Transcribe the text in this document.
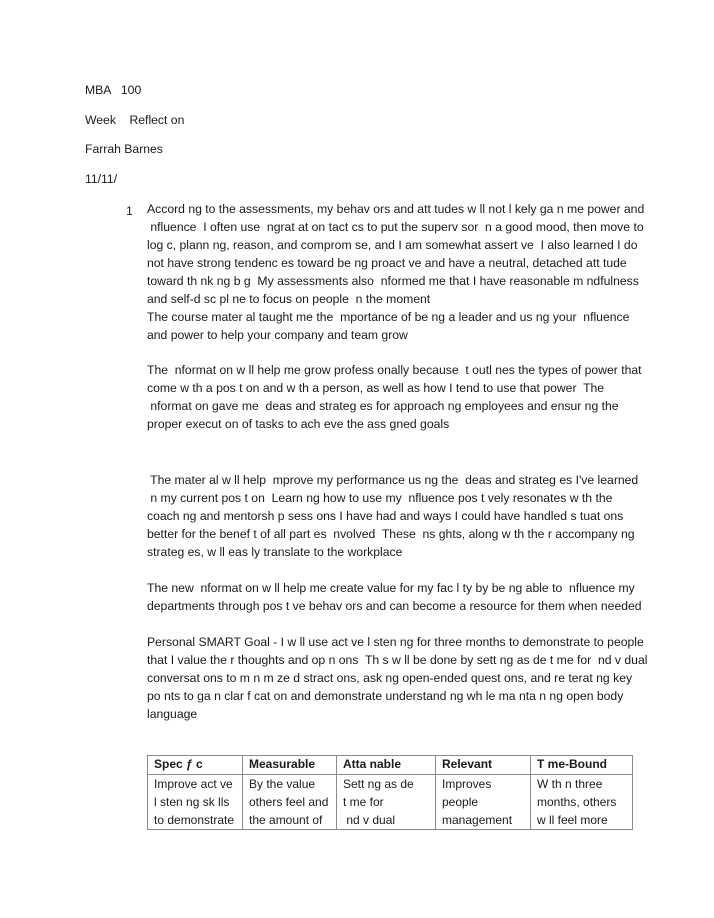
MBA   100
Week    Reflect on
Farrah Barnes
11/11/
1 Accord ng to the assessments, my behav ors and att tudes w ll not l kely ga n me power and
nfluence  I often use  ngrat at on tact cs to put the superv sor  n a good mood, then move to
log c, plann ng, reason, and comprom se, and I am somewhat assert ve  I also learned I do
not have strong tendenc es toward be ng proact ve and have a neutral, detached att tude
toward th nk ng b g  My assessments also  nformed me that I have reasonable m ndfulness
and self-d sc pl ne to focus on people  n the moment
The course mater al taught me the  mportance of be ng a leader and us ng your  nfluence
and power to help your company and team grow
The  nformat on w ll help me grow profess onally because  t outl nes the types of power that
come w th a pos t on and w th a person, as well as how I tend to use that power  The
nformat on gave me  deas and strateg es for approach ng employees and ensur ng the
proper execut on of tasks to ach eve the ass gned goals
The mater al w ll help  mprove my performance us ng the  deas and strateg es I've learned
n my current pos t on  Learn ng how to use my  nfluence pos t vely resonates w th the
coach ng and mentorsh p sess ons I have had and ways I could have handled s tuat ons
better for the benef t of all part es  nvolved  These  ns ghts, along w th the r accompany ng
strateg es, w ll eas ly translate to the workplace
The new  nformat on w ll help me create value for my fac l ty by be ng able to  nfluence my
departments through pos t ve behav ors and can become a resource for them when needed
Personal SMART Goal - I w ll use act ve l sten ng for three months to demonstrate to people
that I value the r thoughts and op n ons  Th s w ll be done by sett ng as de t me for  nd v dual
conversat ons to m n m ze d stract ons, ask ng open-ended quest ons, and re terat ng key
po nts to ga n clar f cat on and demonstrate understand ng wh le ma nta n ng open body
language
Spec ƒ c	Measurable	Atta nable	Relevant	T me-Bound

Improve act ve
l sten ng sk lls
to demonstrate	By the value
others feel and
the amount of	Sett ng as de
t me for
nd v dual	Improves
people
management	W th n three
months, others
w ll feel more
